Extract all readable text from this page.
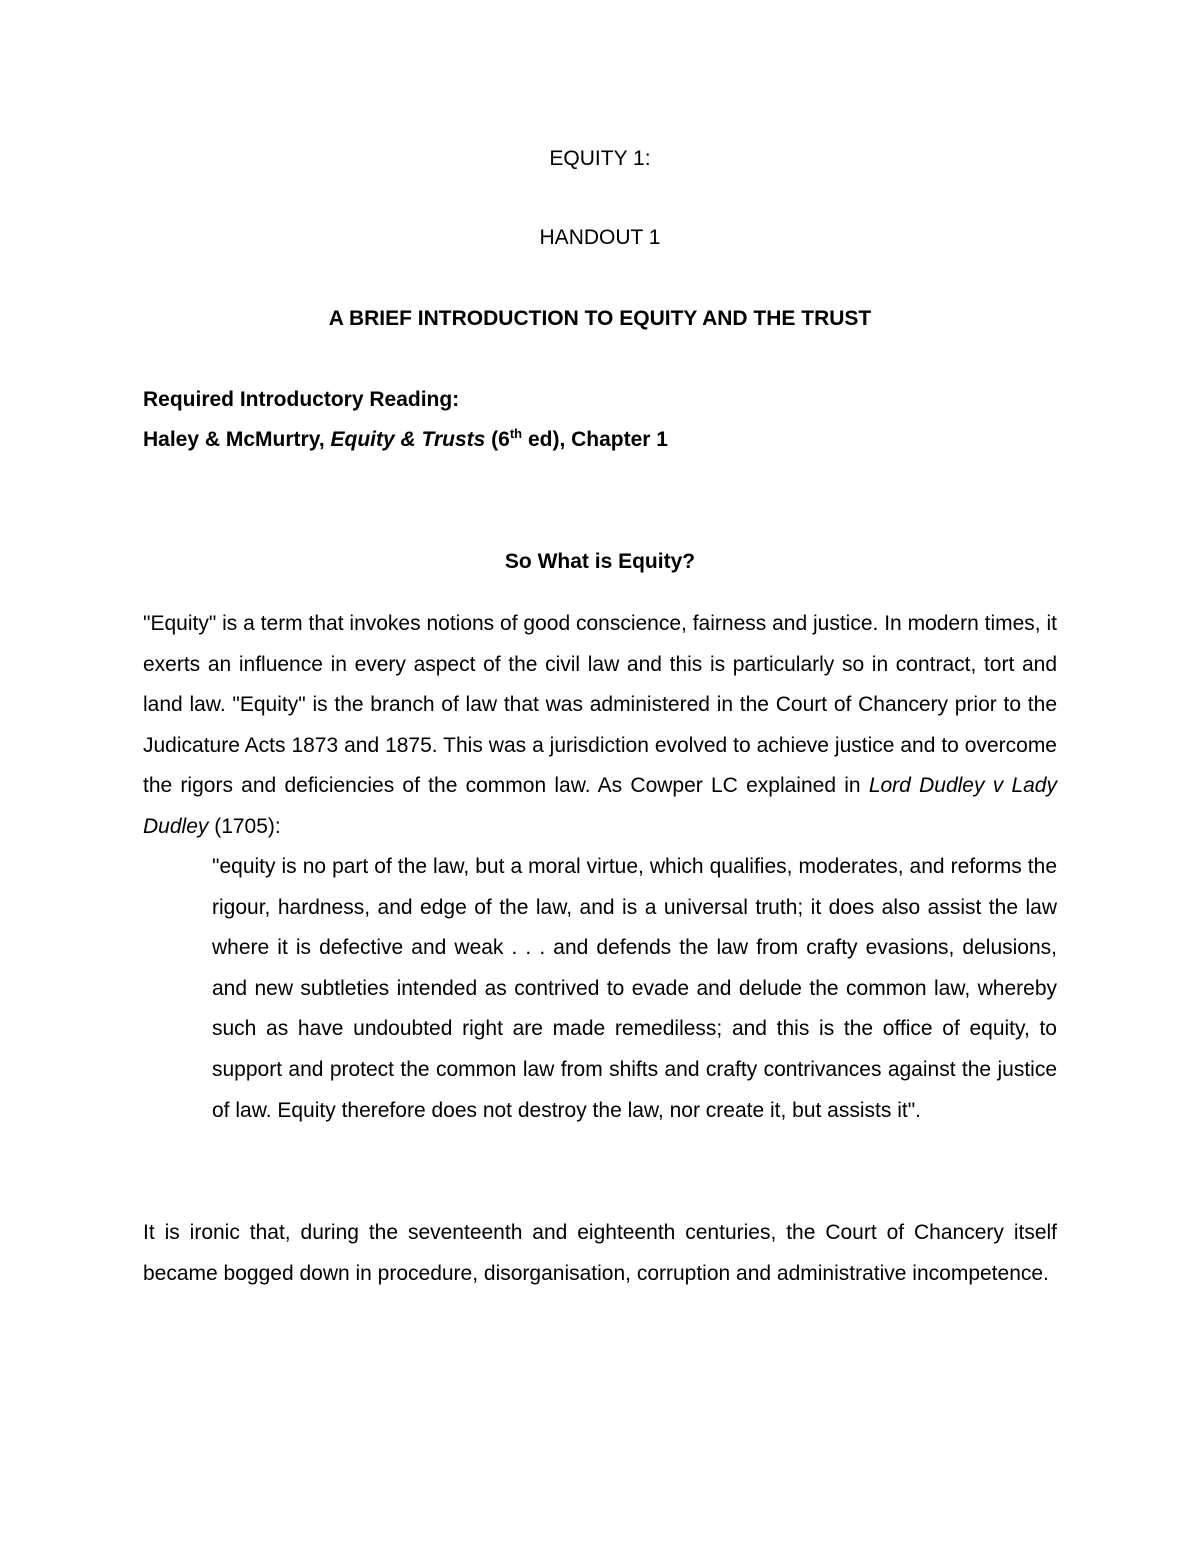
EQUITY 1:
HANDOUT 1
A BRIEF INTRODUCTION TO EQUITY AND THE TRUST
Required Introductory Reading:
Haley & McMurtry, Equity & Trusts (6th ed), Chapter 1
So What is Equity?
"Equity" is a term that invokes notions of good conscience, fairness and justice. In modern times, it exerts an influence in every aspect of the civil law and this is particularly so in contract, tort and land law. "Equity" is the branch of law that was administered in the Court of Chancery prior to the Judicature Acts 1873 and 1875. This was a jurisdiction evolved to achieve justice and to overcome the rigors and deficiencies of the common law. As Cowper LC explained in Lord Dudley v Lady Dudley (1705):
"equity is no part of the law, but a moral virtue, which qualifies, moderates, and reforms the rigour, hardness, and edge of the law, and is a universal truth; it does also assist the law where it is defective and weak . . . and defends the law from crafty evasions, delusions, and new subtleties intended as contrived to evade and delude the common law, whereby such as have undoubted right are made remediless; and this is the office of equity, to support and protect the common law from shifts and crafty contrivances against the justice of law. Equity therefore does not destroy the law, nor create it, but assists it".
It is ironic that, during the seventeenth and eighteenth centuries, the Court of Chancery itself became bogged down in procedure, disorganisation, corruption and administrative incompetence.
